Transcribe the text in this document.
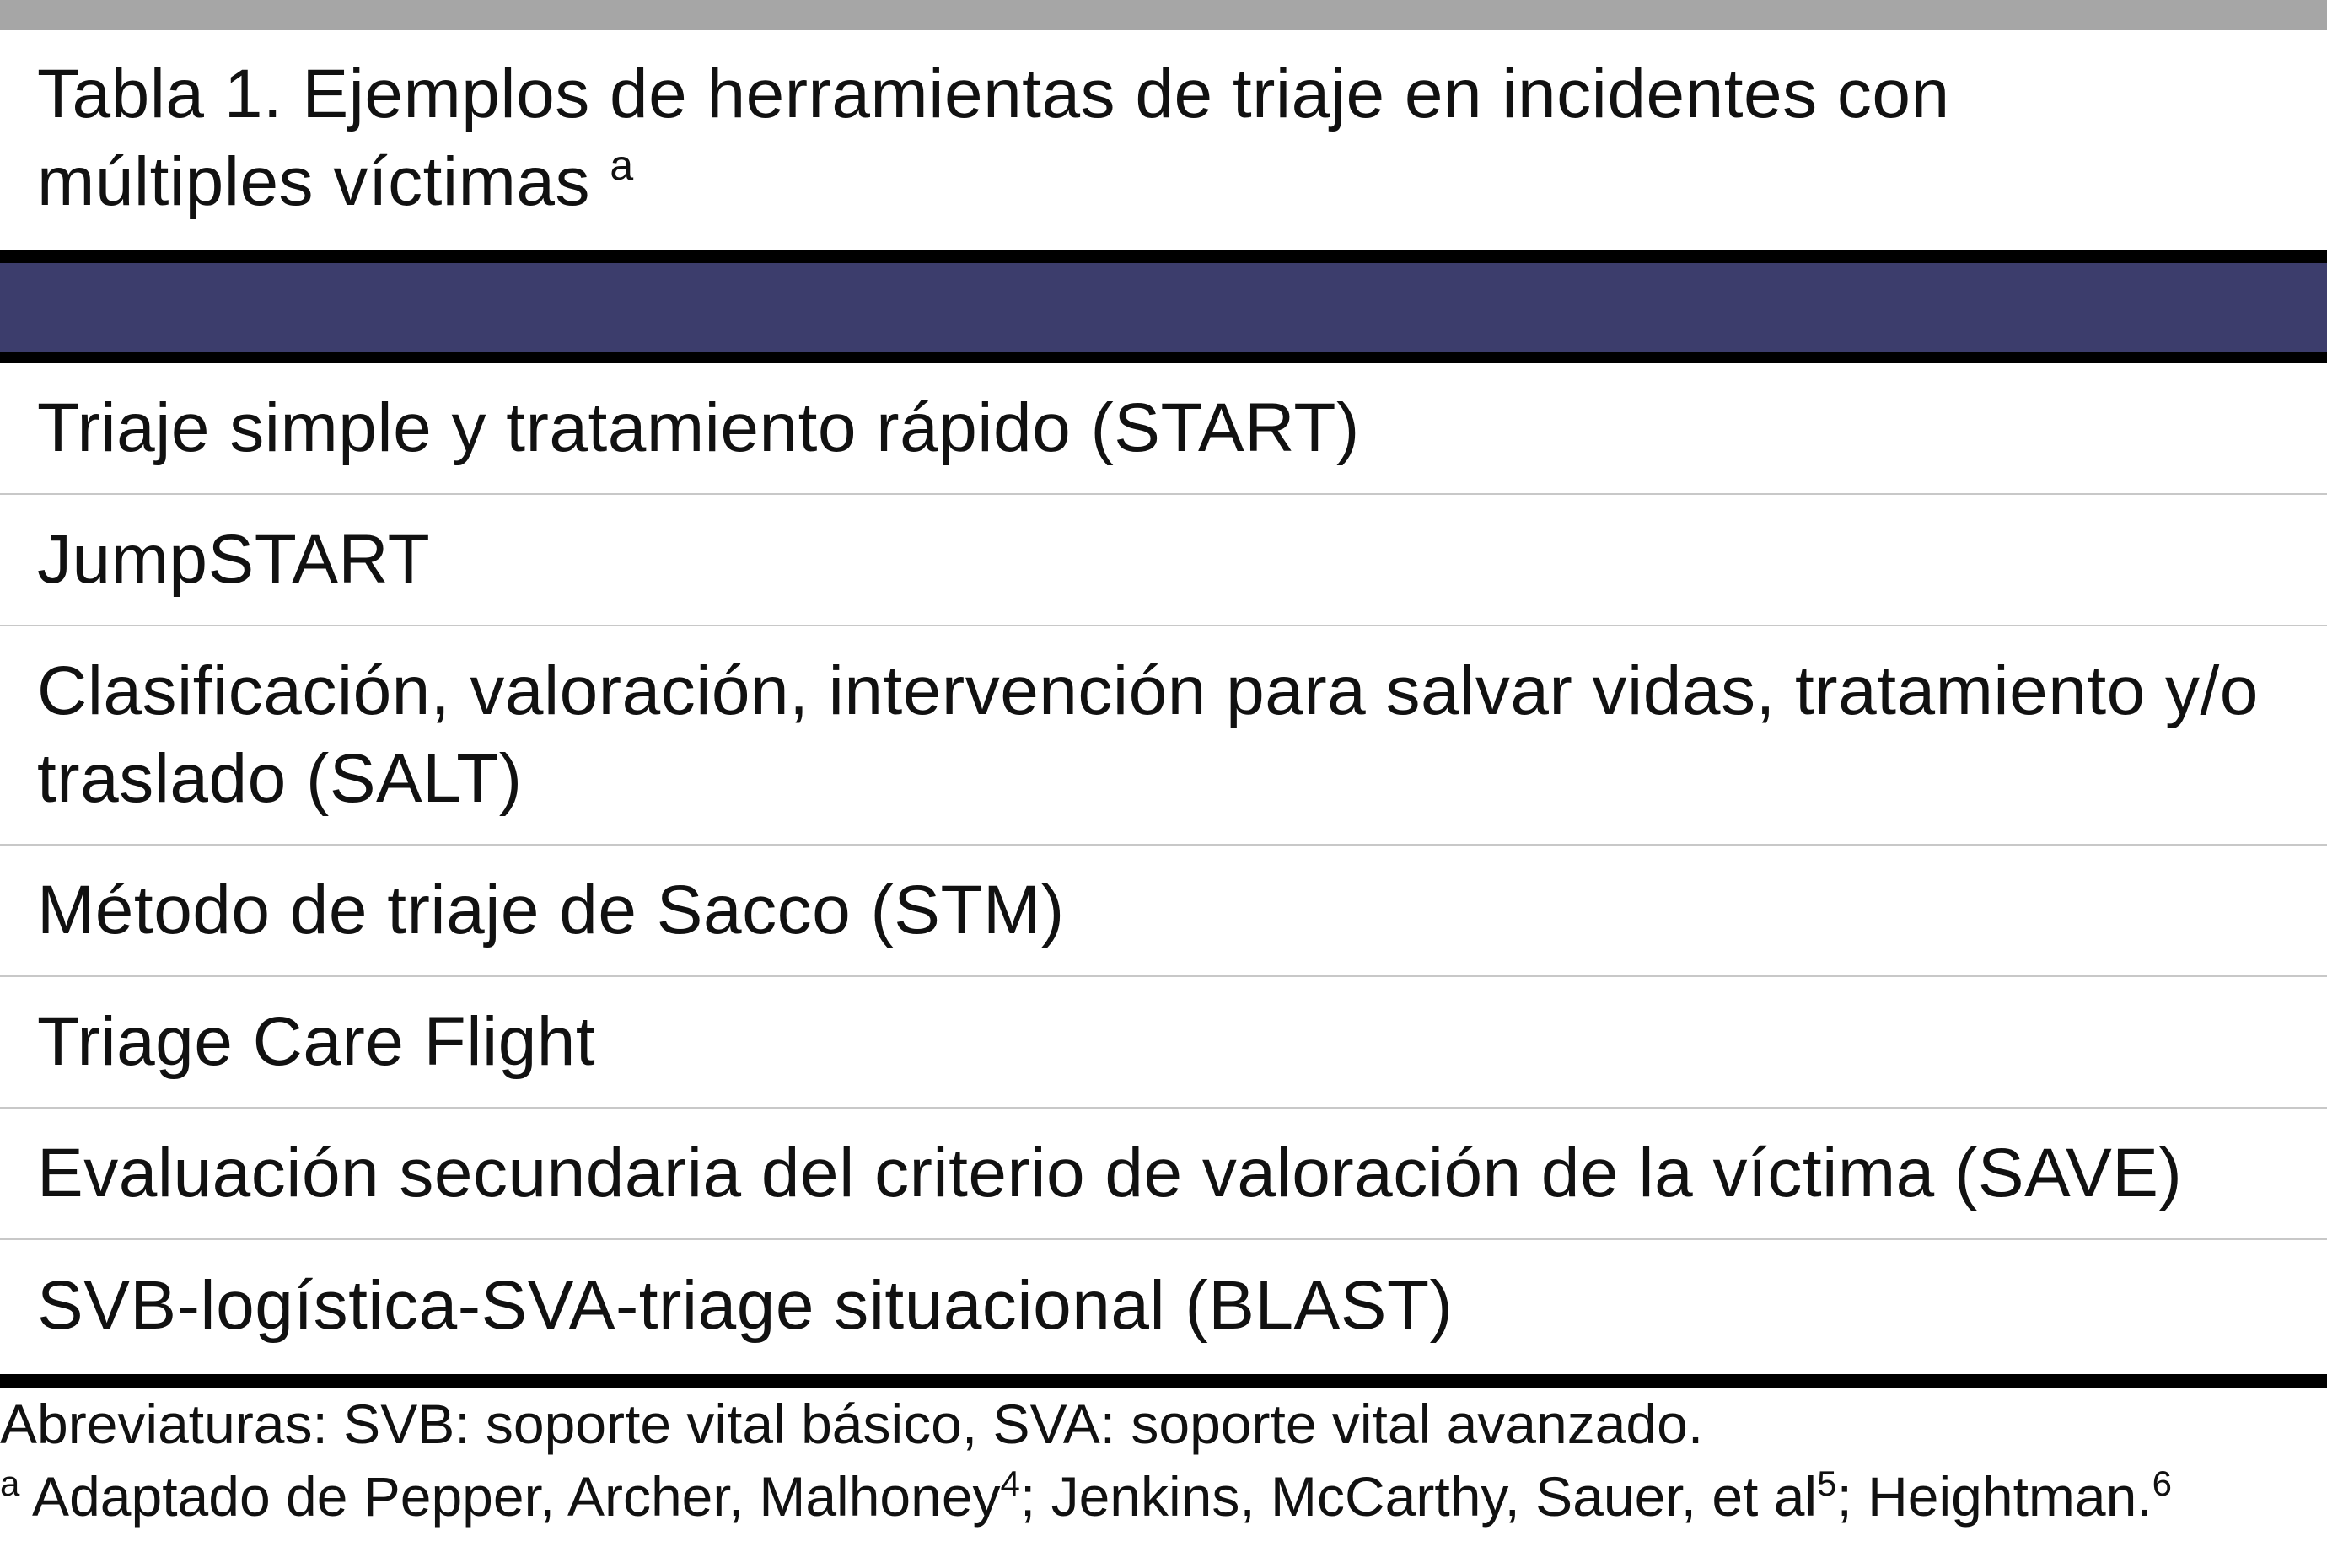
Tabla 1. Ejemplos de herramientas de triaje en incidentes con múltiples víctimas $^a$
Triaje simple y tratamiento rápido (START)
JumpSTART
Clasificación, valoración, intervención para salvar vidas, tratamiento y/o traslado (SALT)
Método de triaje de Sacco (STM)
Triage Care Flight
Evaluación secundaria del criterio de valoración de la víctima (SAVE)
SVB-logística-SVA-triage situacional (BLAST)
Abreviaturas: SVB: soporte vital básico, SVA: soporte vital avanzado.
$^a$ Adaptado de Pepper, Archer, Malhoney$^4$; Jenkins, McCarthy, Sauer, et $al^5$; Heightman.$^6$
